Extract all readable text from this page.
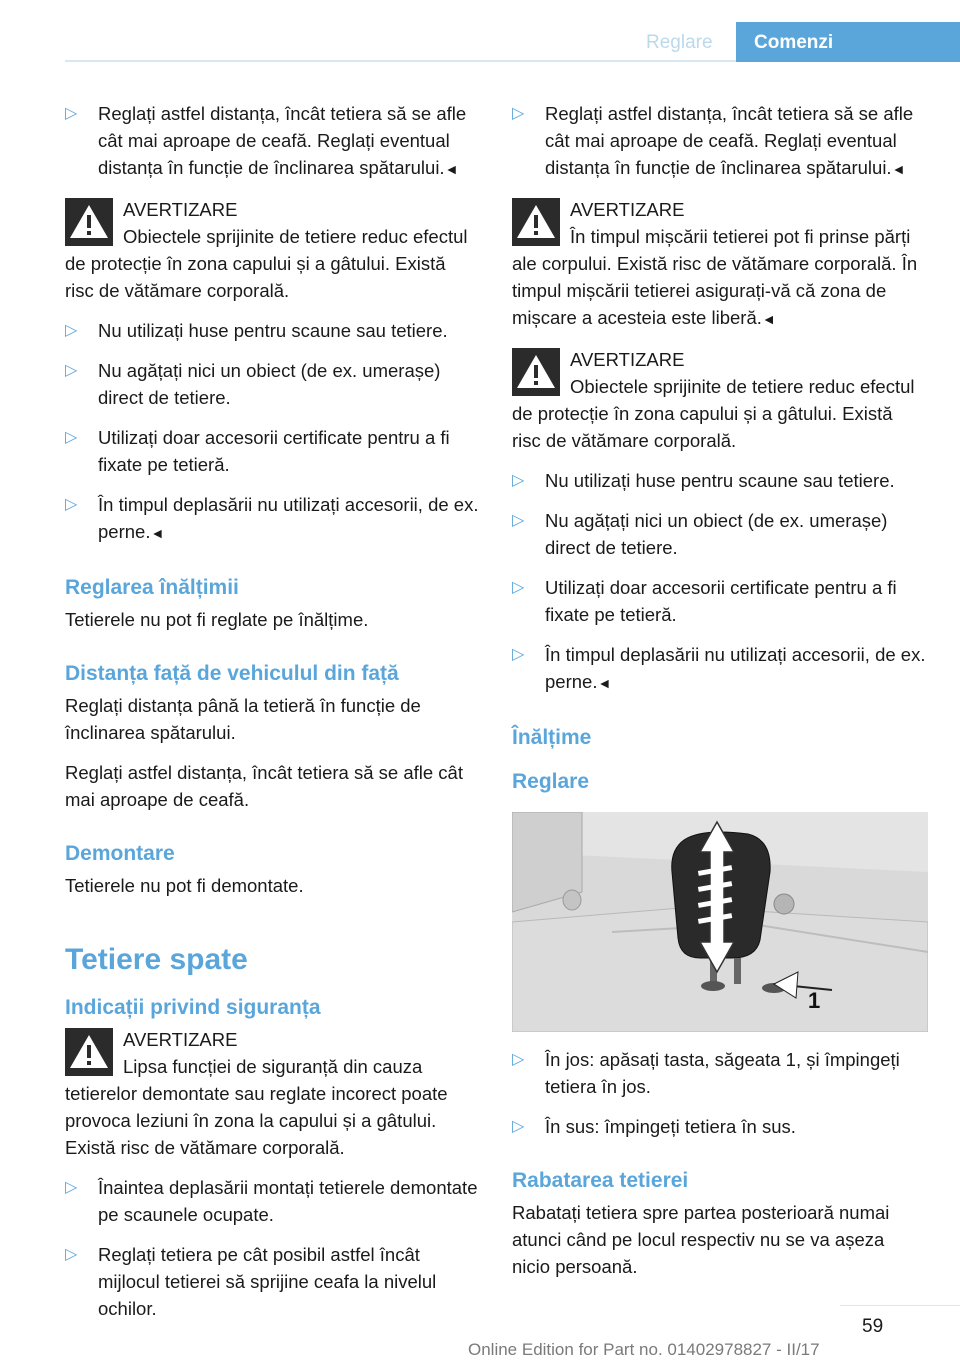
Reglare Comenzi
▷ Reglați astfel distanța, încât tetiera să se afle cât mai aproape de ceafă. Reglați eventual distanța în funcție de înclinarea spătarului.◄
AVERTIZARE
Obiectele sprijinite de tetiere reduc efectul de protecție în zona capului și a gâtului. Există risc de vătămare corporală.
▷ Nu utilizați huse pentru scaune sau tetiere.
▷ Nu agățați nici un obiect (de ex. umerașe) direct de tetiere.
▷ Utilizați doar accesorii certificate pentru a fi fixate pe tetieră.
▷ În timpul deplasării nu utilizați accesorii, de ex. perne.◄
Reglarea înălțimii
Tetierele nu pot fi reglate pe înălțime.
Distanța față de vehiculul din față
Reglați distanța până la tetieră în funcție de înclinarea spătarului.
Reglați astfel distanța, încât tetiera să se afle cât mai aproape de ceafă.
Demontare
Tetierele nu pot fi demontate.
Tetiere spate
Indicații privind siguranța
AVERTIZARE
Lipsa funcției de siguranță din cauza tetierelor demontate sau reglate incorect poate provoca leziuni în zona la capului și a gâtului. Există risc de vătămare corporală.
▷ Înaintea deplasării montați tetierele demontate pe scaunele ocupate.
▷ Reglați tetiera pe cât posibil astfel încât mijlocul tetierei să sprijine ceafa la nivelul ochilor.
▷ Reglați astfel distanța, încât tetiera să se afle cât mai aproape de ceafă. Reglați eventual distanța în funcție de înclinarea spătarului.◄
AVERTIZARE
În timpul mișcării tetierei pot fi prinse părți ale corpului. Există risc de vătămare corporală. În timpul mișcării tetierei asigurați-vă că zona de mișcare a acesteia este liberă.◄
AVERTIZARE
Obiectele sprijinite de tetiere reduc efectul de protecție în zona capului și a gâtului. Există risc de vătămare corporală.
▷ Nu utilizați huse pentru scaune sau tetiere.
▷ Nu agățați nici un obiect (de ex. umerașe) direct de tetiere.
▷ Utilizați doar accesorii certificate pentru a fi fixate pe tetieră.
▷ În timpul deplasării nu utilizați accesorii, de ex. perne.◄
Înălțime
Reglare
1
▷ În jos: apăsați tasta, săgeata 1, și împingeți tetiera în jos.
▷ În sus: împingeți tetiera în sus.
Rabatarea tetierei
Rabatați tetiera spre partea posterioară numai atunci când pe locul respectiv nu se va așeza nicio persoană.
59
Online Edition for Part no. 01402978827 - II/17
